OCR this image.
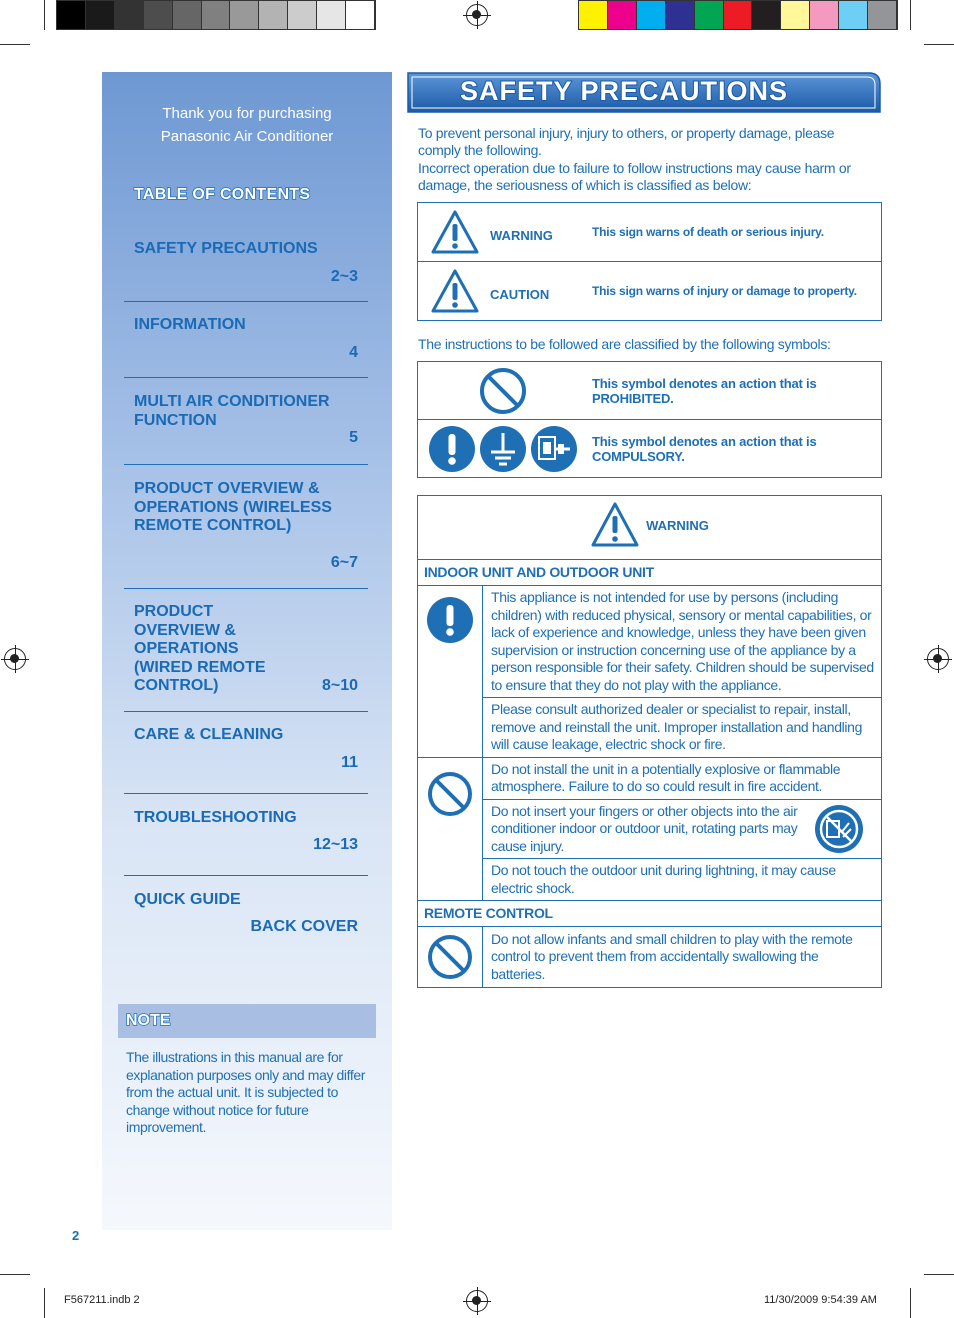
Thank you for purchasing
Panasonic Air Conditioner
TABLE OF CONTENTS
SAFETY PRECAUTIONS
2~3
INFORMATION
4
MULTI AIR CONDITIONER FUNCTION
5
PRODUCT OVERVIEW & OPERATIONS (WIRELESS REMOTE CONTROL)
6~7
PRODUCT OVERVIEW & OPERATIONS (WIRED REMOTE CONTROL)	8~10
CARE & CLEANING
11
TROUBLESHOOTING
12~13
QUICK GUIDE
BACK COVER
NOTE
The illustrations in this manual are for explanation purposes only and may differ from the actual unit. It is subjected to change without notice for future improvement.
2
SAFETY PRECAUTIONS
To prevent personal injury, injury to others, or property damage, please comply the following.
Incorrect operation due to failure to follow instructions may cause harm or damage, the seriousness of which is classified as below:
WARNING	This sign warns of death or serious injury.

CAUTION	This sign warns of injury or damage to property.
The instructions to be followed are classified by the following symbols:

This symbol denotes an action that is PROHIBITED.

This symbol denotes an action that is COMPULSORY.
WARNING	

INDOOR UNIT AND OUTDOOR UNIT	

This appliance is not intended for use by persons (including children) with reduced physical, sensory or mental capabilities, or lack of experience and knowledge, unless they have been given supervision or instruction concerning use of the appliance by a person responsible for their safety. Children should be supervised to ensure that they do not play with the appliance.

	Please consult authorized dealer or specialist to repair, install, remove and reinstall the unit. Improper installation and handling will cause leakage, electric shock or fire.

Do not install the unit in a potentially explosive or flammable atmosphere. Failure to do so could result in fire accident.

	Do not insert your fingers or other objects into the air conditioner indoor or outdoor unit, rotating parts may cause injury.

	Do not touch the outdoor unit during lightning, it may cause electric shock.

REMOTE CONTROL	

Do not allow infants and small children to play with the remote control to prevent them from accidentally swallowing the batteries.
F567211.indb 2	11/30/2009 9:54:39 AM
